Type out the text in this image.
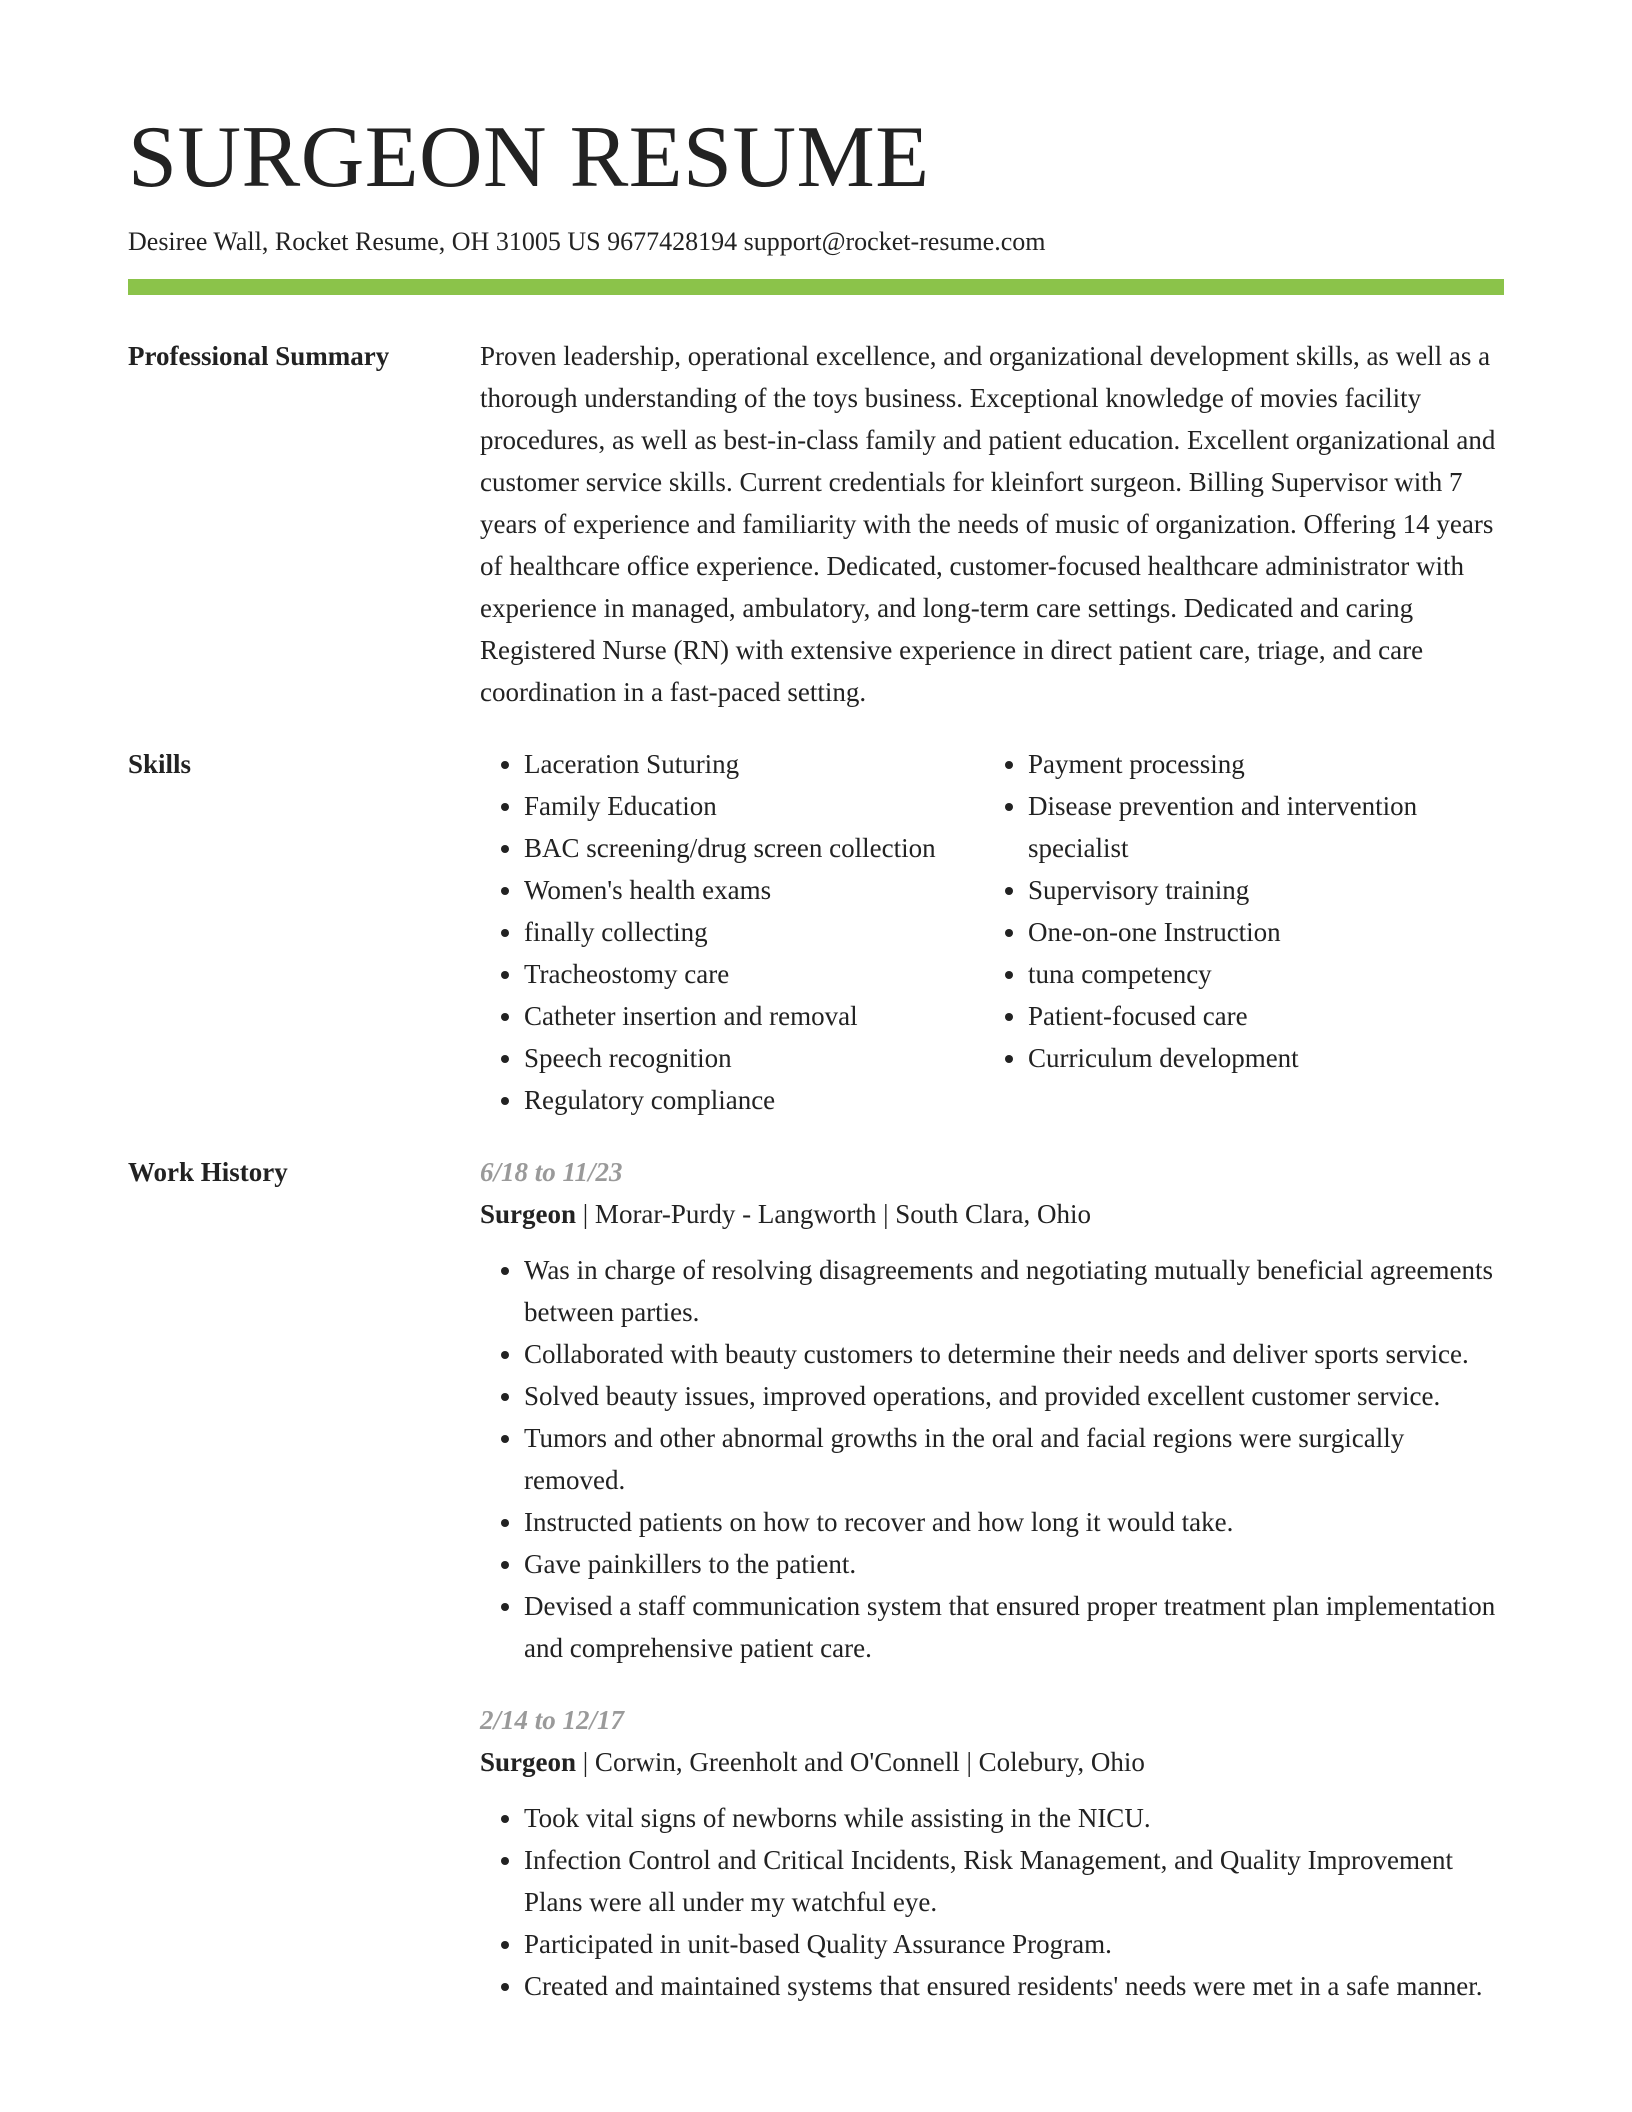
SURGEON RESUME
Desiree Wall, Rocket Resume, OH 31005 US 9677428194 support@rocket-resume.com
Professional Summary	Proven leadership, operational excellence, and organizational development skills, as well as a thorough understanding of the toys business. Exceptional knowledge of movies facility procedures, as well as best-in-class family and patient education. Excellent organizational and customer service skills. Current credentials for kleinfort surgeon. Billing Supervisor with 7 years of experience and familiarity with the needs of music of organization. Offering 14 years of healthcare office experience. Dedicated, customer-focused healthcare administrator with experience in managed, ambulatory, and long-term care settings. Dedicated and caring Registered Nurse (RN) with extensive experience in direct patient care, triage, and care coordination in a fast-paced setting.

Skills
•	Laceration Suturing
• Family Education
• BAC screening/drug screen collection
• Women's health exams
• finally collecting
• Tracheostomy care
• Catheter insertion and removal
• Speech recognition
• Regulatory compliance
• Payment processing
• Disease prevention and intervention specialist
• Supervisory training
• One-on-one Instruction
• tuna competency
• Patient-focused care
• Curriculum development
Work History	6/18 to 11/23

Surgeon | Morar-Purdy - Langworth | South Clara, Ohio

• Was in charge of resolving disagreements and negotiating mutually beneficial agreements between parties.
• Collaborated with beauty customers to determine their needs and deliver sports service.
• Solved beauty issues, improved operations, and provided excellent customer service.
• Tumors and other abnormal growths in the oral and facial regions were surgically removed.
• Instructed patients on how to recover and how long it would take.
• Gave painkillers to the patient.
• Devised a staff communication system that ensured proper treatment plan implementation and comprehensive patient care.
2/14 to 12/17

Surgeon | Corwin, Greenholt and O'Connell | Colebury, Ohio

• Took vital signs of newborns while assisting in the NICU.
• Infection Control and Critical Incidents, Risk Management, and Quality Improvement Plans were all under my watchful eye.
• Participated in unit-based Quality Assurance Program.
• Created and maintained systems that ensured residents' needs were met in a safe manner.
